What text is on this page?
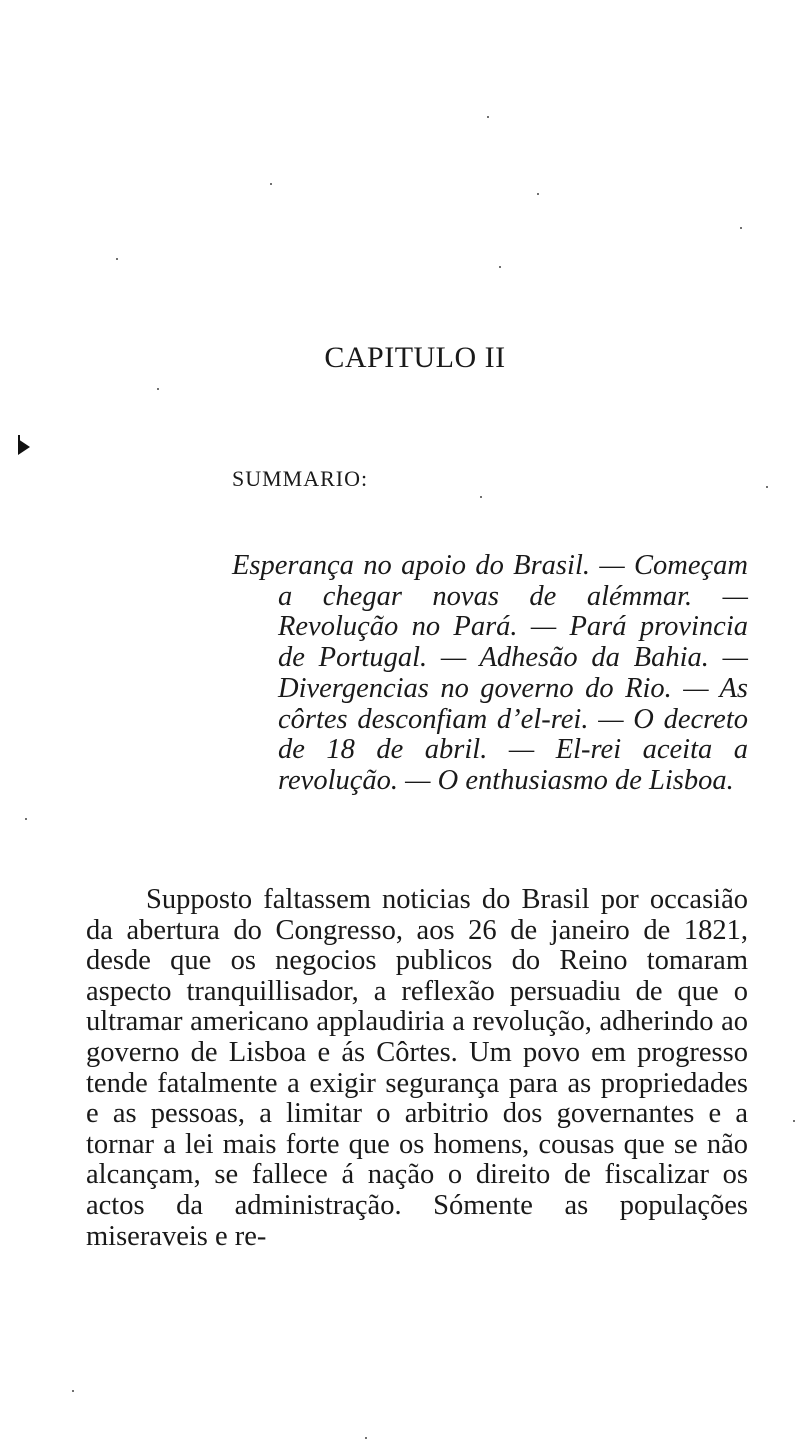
CAPITULO II
SUMMARIO:

Esperança no apoio do Brasil. — Começam a chegar novas de alémmar. — Revolução no Pará. — Pará provincia de Portugal. — Adhesão da Bahia. — Divergencias no governo do Rio. — As côrtes desconfiam d’el-rei. — O decreto de 18 de abril. — El-rei aceita a revolução. — O enthusiasmo de Lisboa.

Supposto faltassem noticias do Brasil por occasião da abertura do Congresso, aos 26 de janeiro de 1821, desde que os negocios publicos do Reino tomaram aspecto tranquillisador, a reflexão persuadiu de que o ultramar americano applaudiria a revolução, adherindo ao governo de Lisboa e ás Côrtes. Um povo em progresso tende fatalmente a exigir segurança para as propriedades e as pessoas, a limitar o arbitrio dos governantes e a tornar a lei mais forte que os homens, cousas que se não alcançam, se fallece á nação o direito de fiscalizar os actos da administração. Sómente as populações miseraveis e re-
